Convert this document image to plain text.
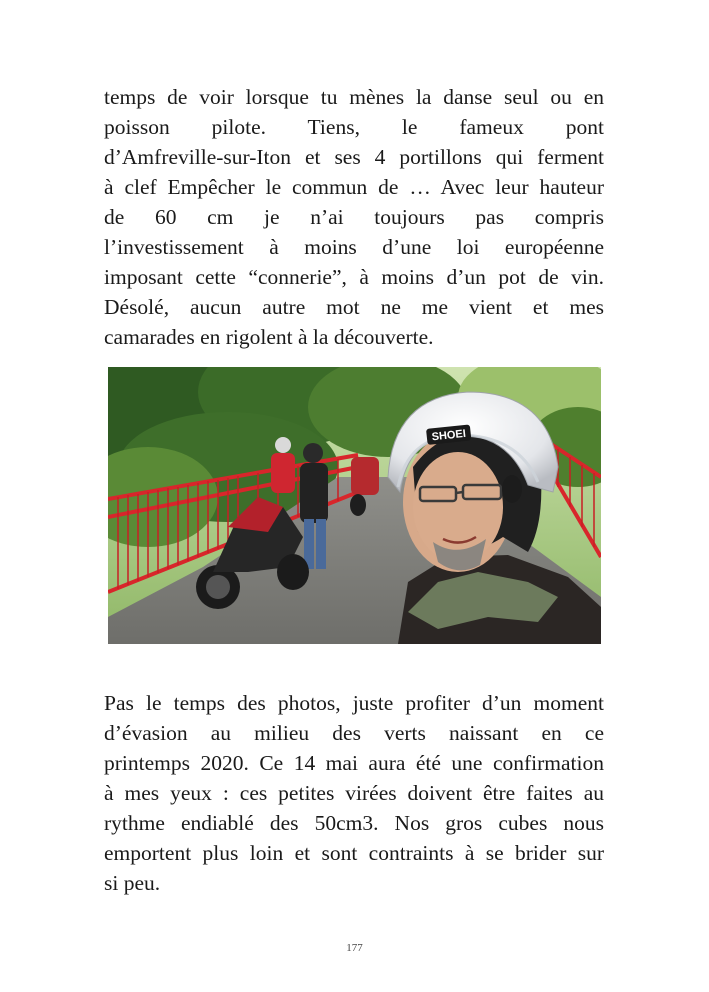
temps de voir lorsque tu mènes la danse seul ou en
poisson pilote. Tiens, le fameux pont
d’Amfreville-sur-Iton et ses 4 portillons qui ferment
à clef Empêcher le commun de … Avec leur hauteur
de 60 cm je n’ai toujours pas compris
l’investissement à moins d’une loi européenne
imposant cette “connerie”, à moins d’un pot de vin.
Désolé, aucun autre mot ne me vient et mes
camarades en rigolent à la découverte.
SHOEI
Pas le temps des photos, juste profiter d’un moment
d’évasion au milieu des verts naissant en ce
printemps 2020. Ce 14 mai aura été une confirmation
à mes yeux : ces petites virées doivent être faites au
rythme endiablé des 50cm3. Nos gros cubes nous
emportent plus loin et sont contraints à se brider sur
si peu.
177
